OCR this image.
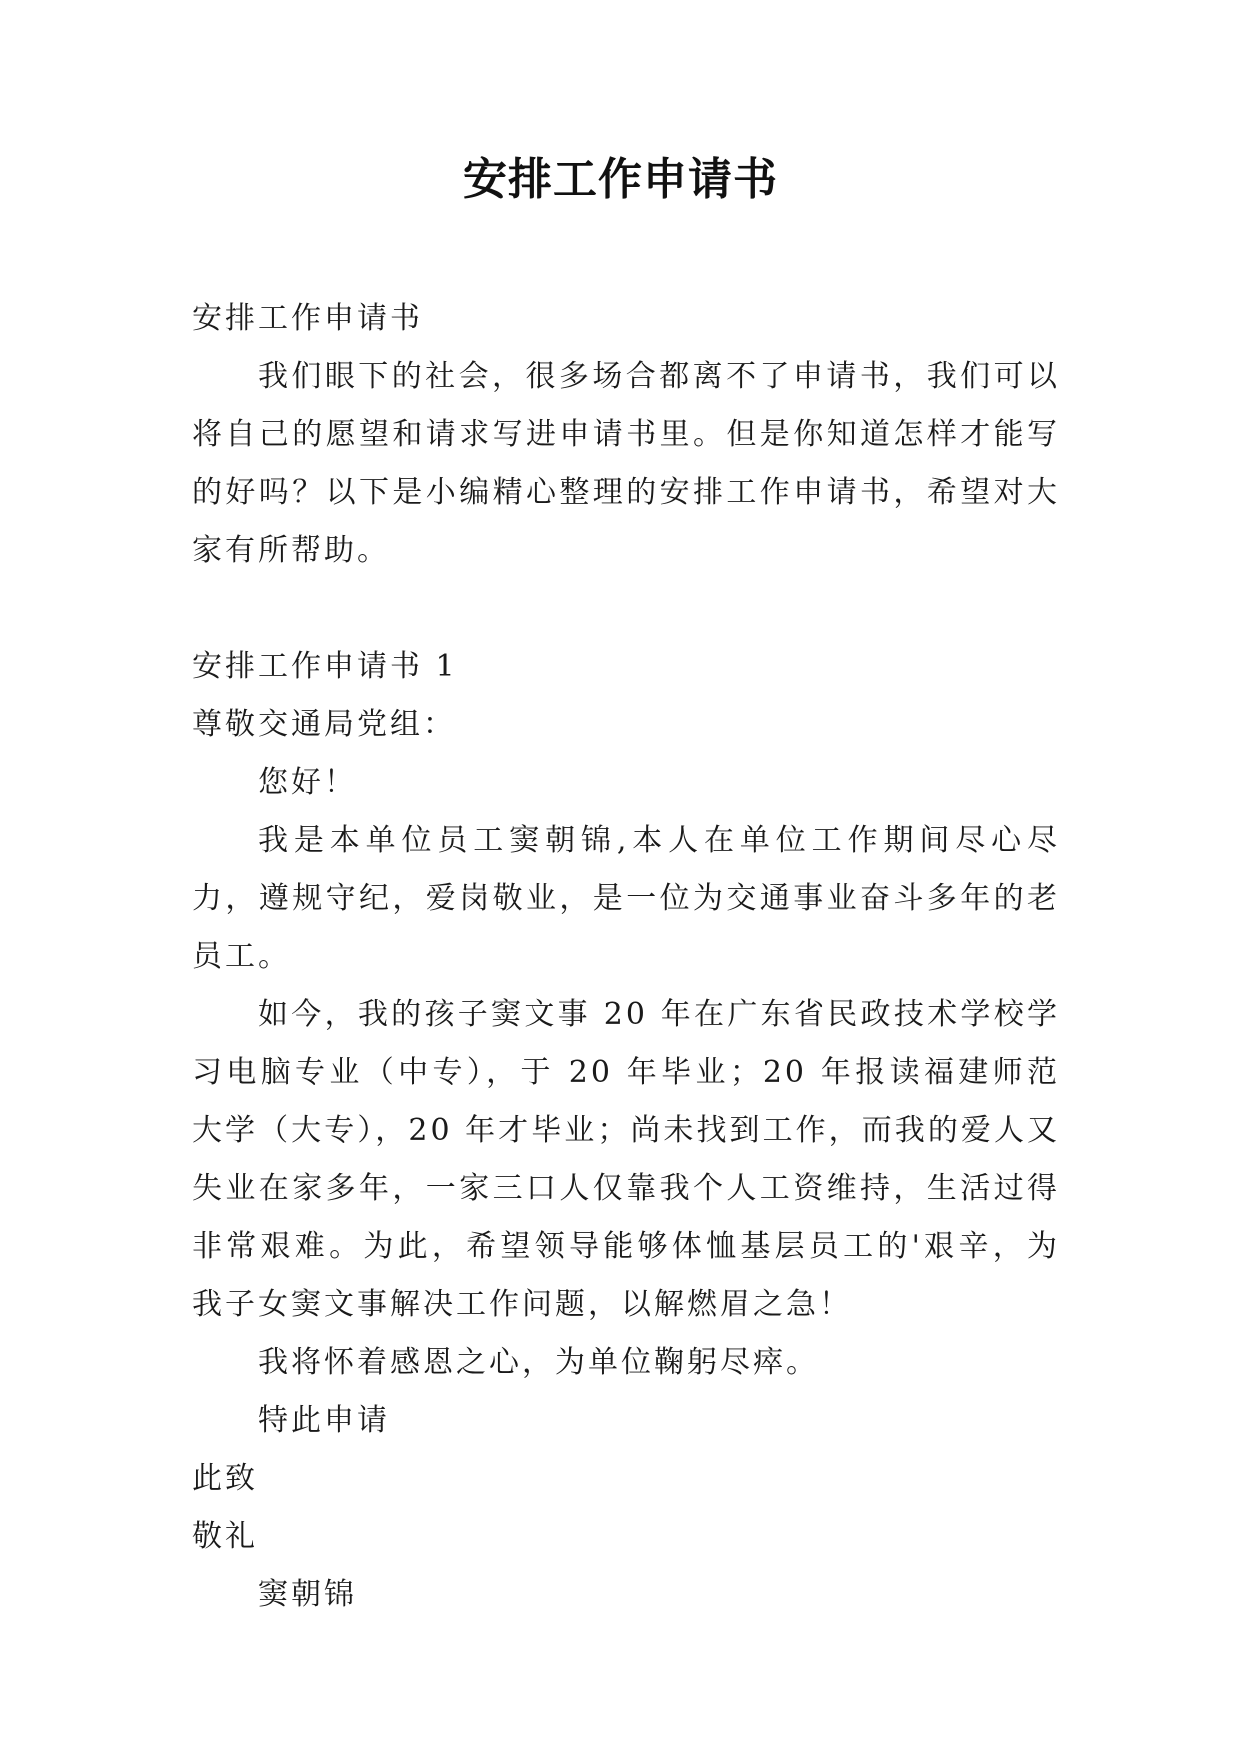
安排工作申请书

安排工作申请书

我们眼下的社会，很多场合都离不了申请书，我们可以将自己的愿望和请求写进申请书里。但是你知道怎样才能写的好吗？以下是小编精心整理的安排工作申请书，希望对大家有所帮助。

安排工作申请书 1

尊敬交通局党组：

您好！

我是本单位员工窦朝锦,本人在单位工作期间尽心尽力，遵规守纪，爱岗敬业，是一位为交通事业奋斗多年的老员工。

如今，我的孩子窦文事 20 年在广东省民政技术学校学习电脑专业（中专），于 20 年毕业；20 年报读福建师范大学（大专），20 年才毕业；尚未找到工作，而我的爱人又失业在家多年，一家三口人仅靠我个人工资维持，生活过得非常艰难。为此，希望领导能够体恤基层员工的'艰辛，为我子女窦文事解决工作问题，以解燃眉之急！

我将怀着感恩之心，为单位鞠躬尽瘁。

特此申请

此致

敬礼

窦朝锦
